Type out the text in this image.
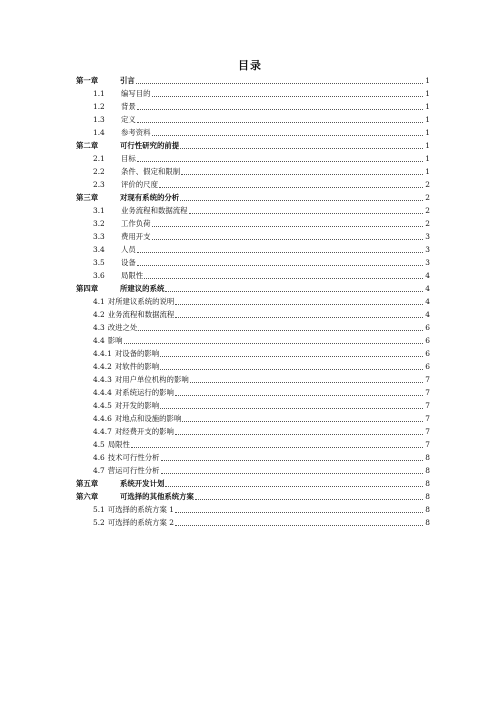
目录
第一章	引言	1
1.1	编写目的	1
1.2	背景	1
1.3	定义	1
1.4	参考资料	1
第二章	可行性研究的前提	1
2.1	目标	1
2.2	条件、假定和限制	1
2.3	评价的尺度	2
第三章	对现有系统的分析	2
3.1	业务流程和数据流程	2
3.2	工作负荷	2
3.3	费用开支	3
3.4	人员	3
3.5	设备	3
3.6	局限性	4
第四章	所建议的系统	4
4.1 对所建议系统的说明	4
4.2 业务流程和数据流程	4
4.3 改进之处	6
4.4 影响	6
4.4.1 对设备的影响	6
4.4.2 对软件的影响	6
4.4.3 对用户单位机构的影响	7
4.4.4 对系统运行的影响	7
4.4.5 对开发的影响	7
4.4.6 对地点和设施的影响	7
4.4.7 对经费开支的影响	7
4.5 局限性	7
4.6 技术可行性分析	8
4.7 营运可行性分析	8
第五章	系统开发计划	8
第六章	可选择的其他系统方案	8
5.1 可选择的系统方案 1	8
5.2 可选择的系统方案 2	8
